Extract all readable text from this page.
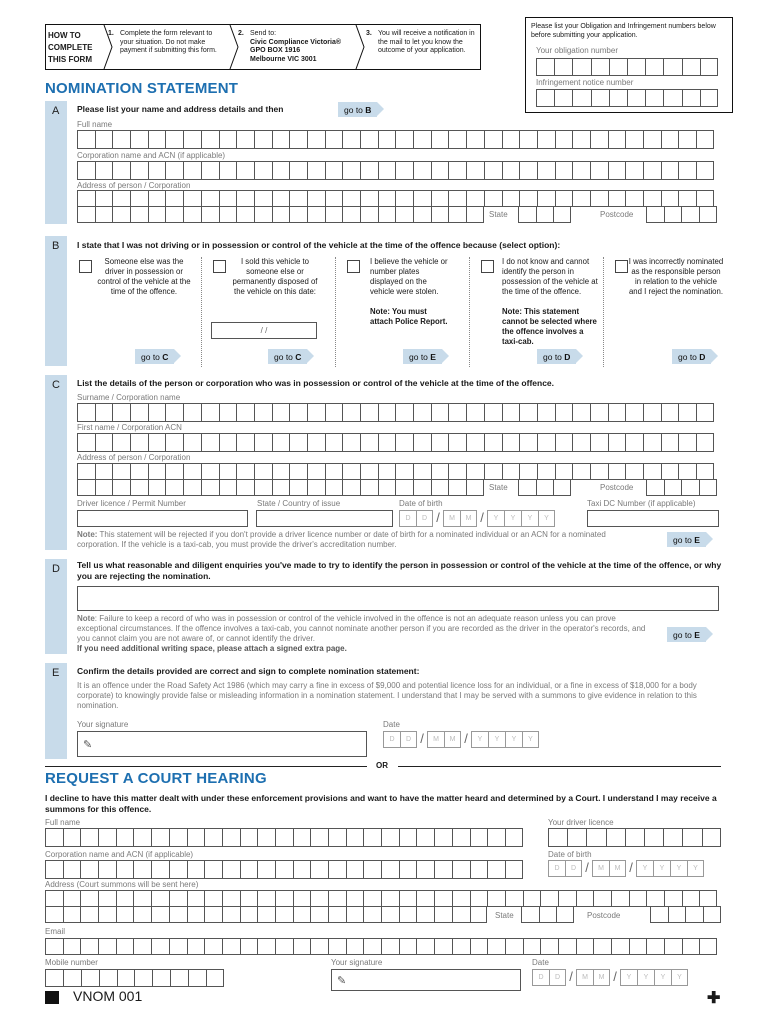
HOW TO COMPLETE THIS FORM
1. Complete the form relevant to your situation. Do not make payment if submitting this form.
2. Send to:
Civic Compliance Victoria®
GPO BOX 1916
Melbourne VIC 3001
3. You will receive a notification in the mail to let you know the outcome of your application.
Please list your Obligation and Infringement numbers below before submitting your application.
Your obligation number
Infringement notice number
NOMINATION STATEMENT
A Please list your name and address details and then	go to B
Full name
Corporation name and ACN (if applicable)
Address of person / Corporation
State	Postcode
B I state that I was not driving or in possession or control of the vehicle at the time of the offence because (select option):
Someone else was the driver in possession or control of the vehicle at the time of the offence.
go to C
I sold this vehicle to someone else or permanently disposed of the vehicle on this date:
/ /
go to C
I believe the vehicle or number plates displayed on the vehicle were stolen.
Note: You must attach Police Report.
go to E
I do not know and cannot identify the person in possession of the vehicle at the time of the offence.
Note: This statement cannot be selected where the offence involves a taxi-cab.
go to D
I was incorrectly nominated as the responsible person in relation to the vehicle and I reject the nomination.
go to D
C List the details of the person or corporation who was in possession or control of the vehicle at the time of the offence.
Surname / Corporation name
First name / Corporation ACN
Address of person / Corporation
State	Postcode
Driver licence / Permit Number	State / Country of issue	Date of birth
D	D /	M	M /	Y	Y	Y	Y
Taxi DC Number (if applicable)
Note: This statement will be rejected if you don't provide a driver licence number or date of birth for a nominated individual or an ACN for a nominated corporation. If the vehicle is a taxi-cab, you must provide the driver's accreditation number.	go to E
D Tell us what reasonable and diligent enquiries you've made to try to identify the person in possession or control of the vehicle at the time of the offence, or why you are rejecting the nomination.
Note: Failure to keep a record of who was in possession or control of the vehicle involved in the offence is not an adequate reason unless you can prove exceptional circumstances. If the offence involves a taxi-cab, you cannot nominate another person if you are recorded as the driver in the operator's records, and you cannot claim you are not aware of, or cannot identify the driver.
If you need additional writing space, please attach a signed extra page.
go to E
E Confirm the details provided are correct and sign to complete nomination statement:
It is an offence under the Road Safety Act 1986 (which may carry a fine in excess of $9,000 and potential licence loss for an individual, or a fine in excess of $18,000 for a body corporate) to knowingly provide false or misleading information in a nomination statement. I understand that I may be served with a summons to give evidence in relation to this nomination.
Your signature
✎
Date
D	D /	M	M /	Y	Y	Y	Y
OR
REQUEST A COURT HEARING
I decline to have this matter dealt with under these enforcement provisions and want to have the matter heard and determined by a Court. I understand I may receive a summons for this offence.
Full name	Your driver licence
Corporation name and ACN (if applicable)	Date of birth
D	D /	M	M /	Y	Y	Y	Y
Address (Court summons will be sent here)
State	Postcode
Email
Mobile number	Your signature
✎
Date
D	D /	M	M /	Y	Y	Y	Y
VNOM 001	✚
